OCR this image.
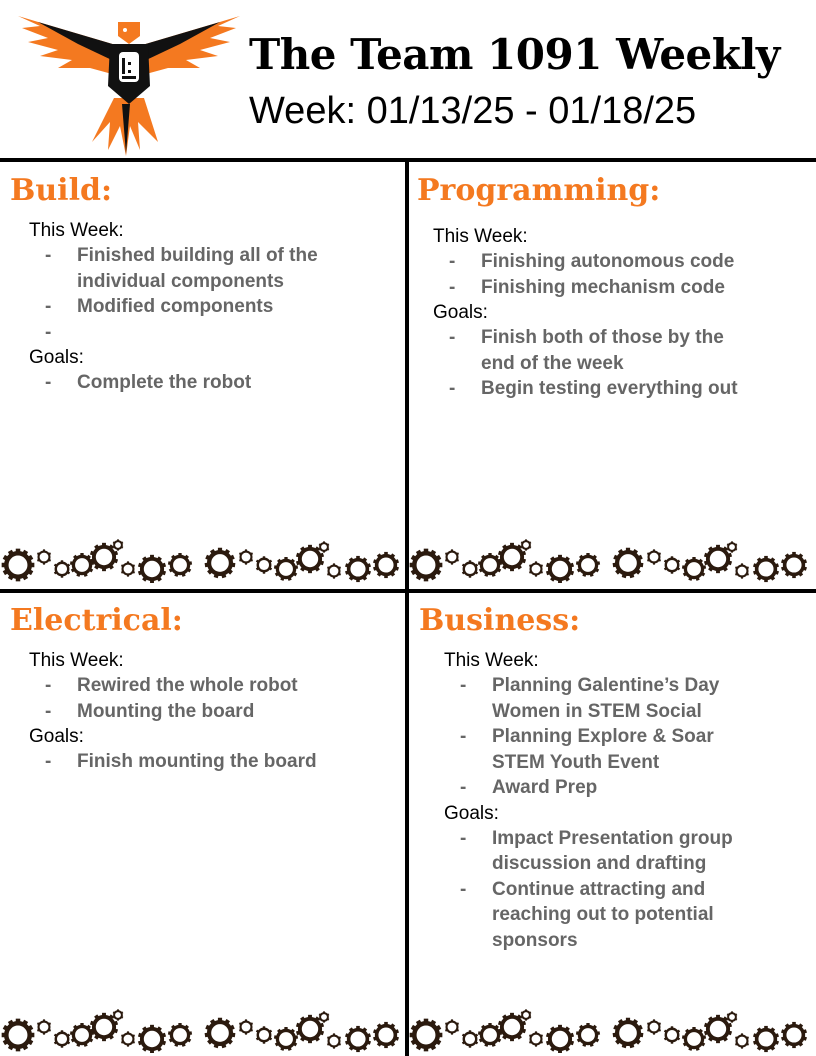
The Team 1091 Weekly

Week: 01/13/25 - 01/18/25

Build:

This Week:

- Finished building all of the individual components
- Modified components
-

Goals:

- Complete the robot
Programming:

This Week:

- Finishing autonomous code
- Finishing mechanism code

Goals:

- Finish both of those by the end of the week
- Begin testing everything out
Electrical:

This Week:

- Rewired the whole robot
- Mounting the board

Goals:

- Finish mounting the board
Business:

This Week:

- Planning Galentine’s Day Women in STEM Social
- Planning Explore & Soar STEM Youth Event
- Award Prep

Goals:

- Impact Presentation group discussion and drafting
- Continue attracting and reaching out to potential sponsors
